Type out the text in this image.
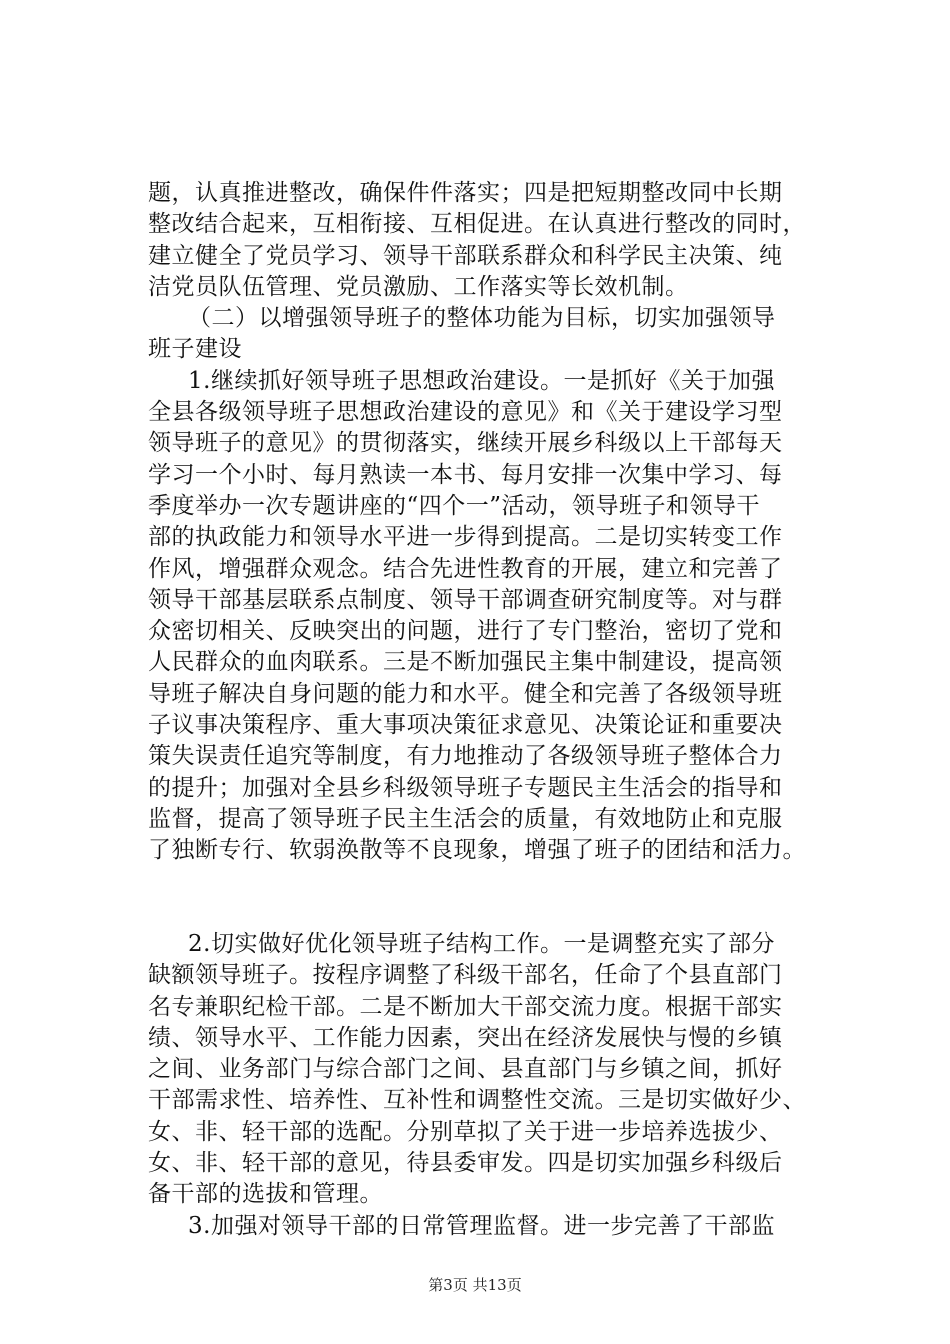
题，认真推进整改，确保件件落实；四是把短期整改同中长期
整改结合起来，互相衔接、互相促进。在认真进行整改的同时，
建立健全了党员学习、领导干部联系群众和科学民主决策、纯
洁党员队伍管理、党员激励、工作落实等长效机制。
（二）以增强领导班子的整体功能为目标，切实加强领导
班子建设
1.继续抓好领导班子思想政治建设。一是抓好《关于加强
全县各级领导班子思想政治建设的意见》和《关于建设学习型
领导班子的意见》的贯彻落实，继续开展乡科级以上干部每天
学习一个小时、每月熟读一本书、每月安排一次集中学习、每
季度举办一次专题讲座的“四个一”活动，领导班子和领导干
部的执政能力和领导水平进一步得到提高。二是切实转变工作
作风，增强群众观念。结合先进性教育的开展，建立和完善了
领导干部基层联系点制度、领导干部调查研究制度等。对与群
众密切相关、反映突出的问题，进行了专门整治，密切了党和
人民群众的血肉联系。三是不断加强民主集中制建设，提高领
导班子解决自身问题的能力和水平。健全和完善了各级领导班
子议事决策程序、重大事项决策征求意见、决策论证和重要决
策失误责任追究等制度，有力地推动了各级领导班子整体合力
的提升；加强对全县乡科级领导班子专题民主生活会的指导和
监督，提高了领导班子民主生活会的质量，有效地防止和克服
了独断专行、软弱涣散等不良现象，增强了班子的团结和活力。
2.切实做好优化领导班子结构工作。一是调整充实了部分
缺额领导班子。按程序调整了科级干部名，任命了个县直部门
名专兼职纪检干部。二是不断加大干部交流力度。根据干部实
绩、领导水平、工作能力因素，突出在经济发展快与慢的乡镇
之间、业务部门与综合部门之间、县直部门与乡镇之间，抓好
干部需求性、培养性、互补性和调整性交流。三是切实做好少、
女、非、轻干部的选配。分别草拟了关于进一步培养选拔少、
女、非、轻干部的意见，待县委审发。四是切实加强乡科级后
备干部的选拔和管理。
3.加强对领导干部的日常管理监督。进一步完善了干部监
第3页 共13页
